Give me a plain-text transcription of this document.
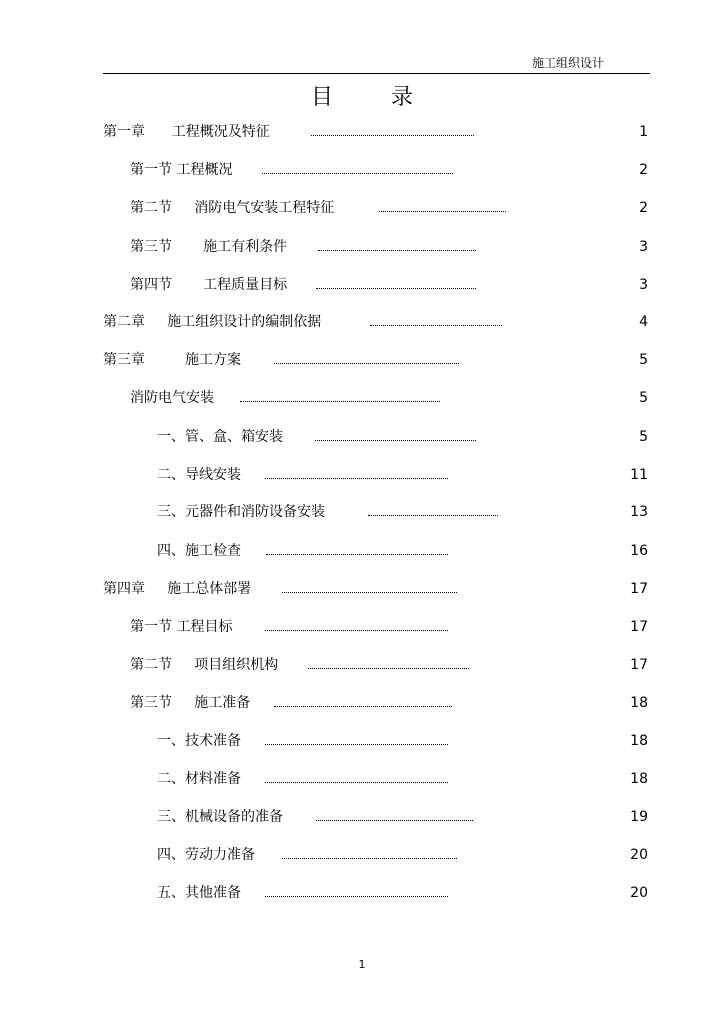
施工组织设计
目录
第一章      工程概况及特征	1
第一节 工程概况	2
第二节     消防电气安装工程特征	2
第三节       施工有利条件	3
第四节       工程质量目标	3
第二章     施工组织设计的编制依据	4
第三章         施工方案	5
消防电气安装	5
一、管、盒、箱安装	5
二、导线安装	11
三、元器件和消防设备安装	13
四、施工检查	16
第四章     施工总体部署	17
第一节 工程目标	17
第二节     项目组织机构	17
第三节     施工准备	18
一、技术准备	18
二、材料准备	18
三、机械设备的准备	19
四、劳动力准备	20
五、其他准备	20
1
